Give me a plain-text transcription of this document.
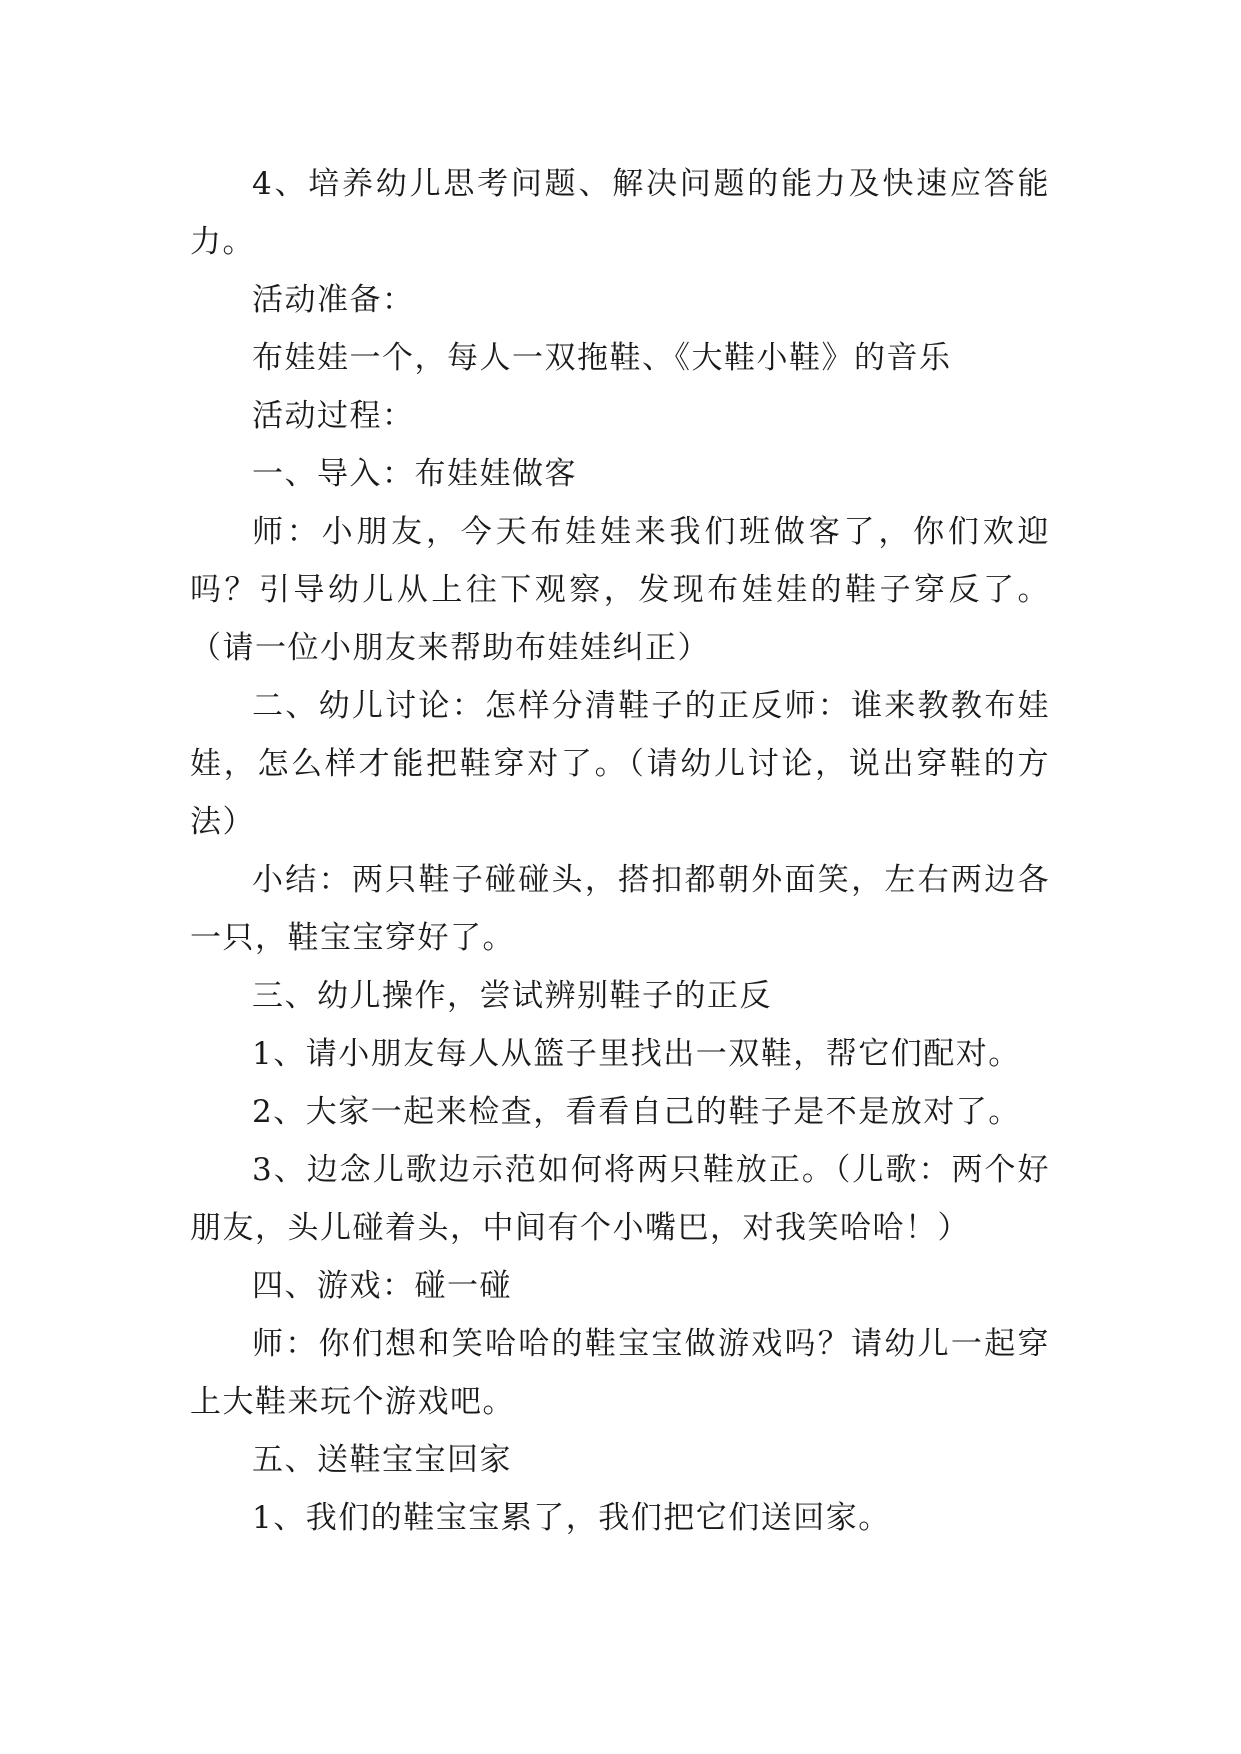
4、培养幼儿思考问题、解决问题的能力及快速应答能力。

活动准备：

布娃娃一个，每人一双拖鞋、《大鞋小鞋》的音乐

活动过程：

一、导入：布娃娃做客

师：小朋友，今天布娃娃来我们班做客了，你们欢迎吗？引导幼儿从上往下观察，发现布娃娃的鞋子穿反了。（请一位小朋友来帮助布娃娃纠正）

二、幼儿讨论：怎样分清鞋子的正反师：谁来教教布娃娃，怎么样才能把鞋穿对了。（请幼儿讨论，说出穿鞋的方法）

小结：两只鞋子碰碰头，搭扣都朝外面笑，左右两边各一只，鞋宝宝穿好了。

三、幼儿操作，尝试辨别鞋子的正反

1、请小朋友每人从篮子里找出一双鞋，帮它们配对。

2、大家一起来检查，看看自己的鞋子是不是放对了。

3、边念儿歌边示范如何将两只鞋放正。（儿歌：两个好朋友，头儿碰着头，中间有个小嘴巴，对我笑哈哈！）

四、游戏：碰一碰

师：你们想和笑哈哈的鞋宝宝做游戏吗？请幼儿一起穿上大鞋来玩个游戏吧。

五、送鞋宝宝回家

1、我们的鞋宝宝累了，我们把它们送回家。
